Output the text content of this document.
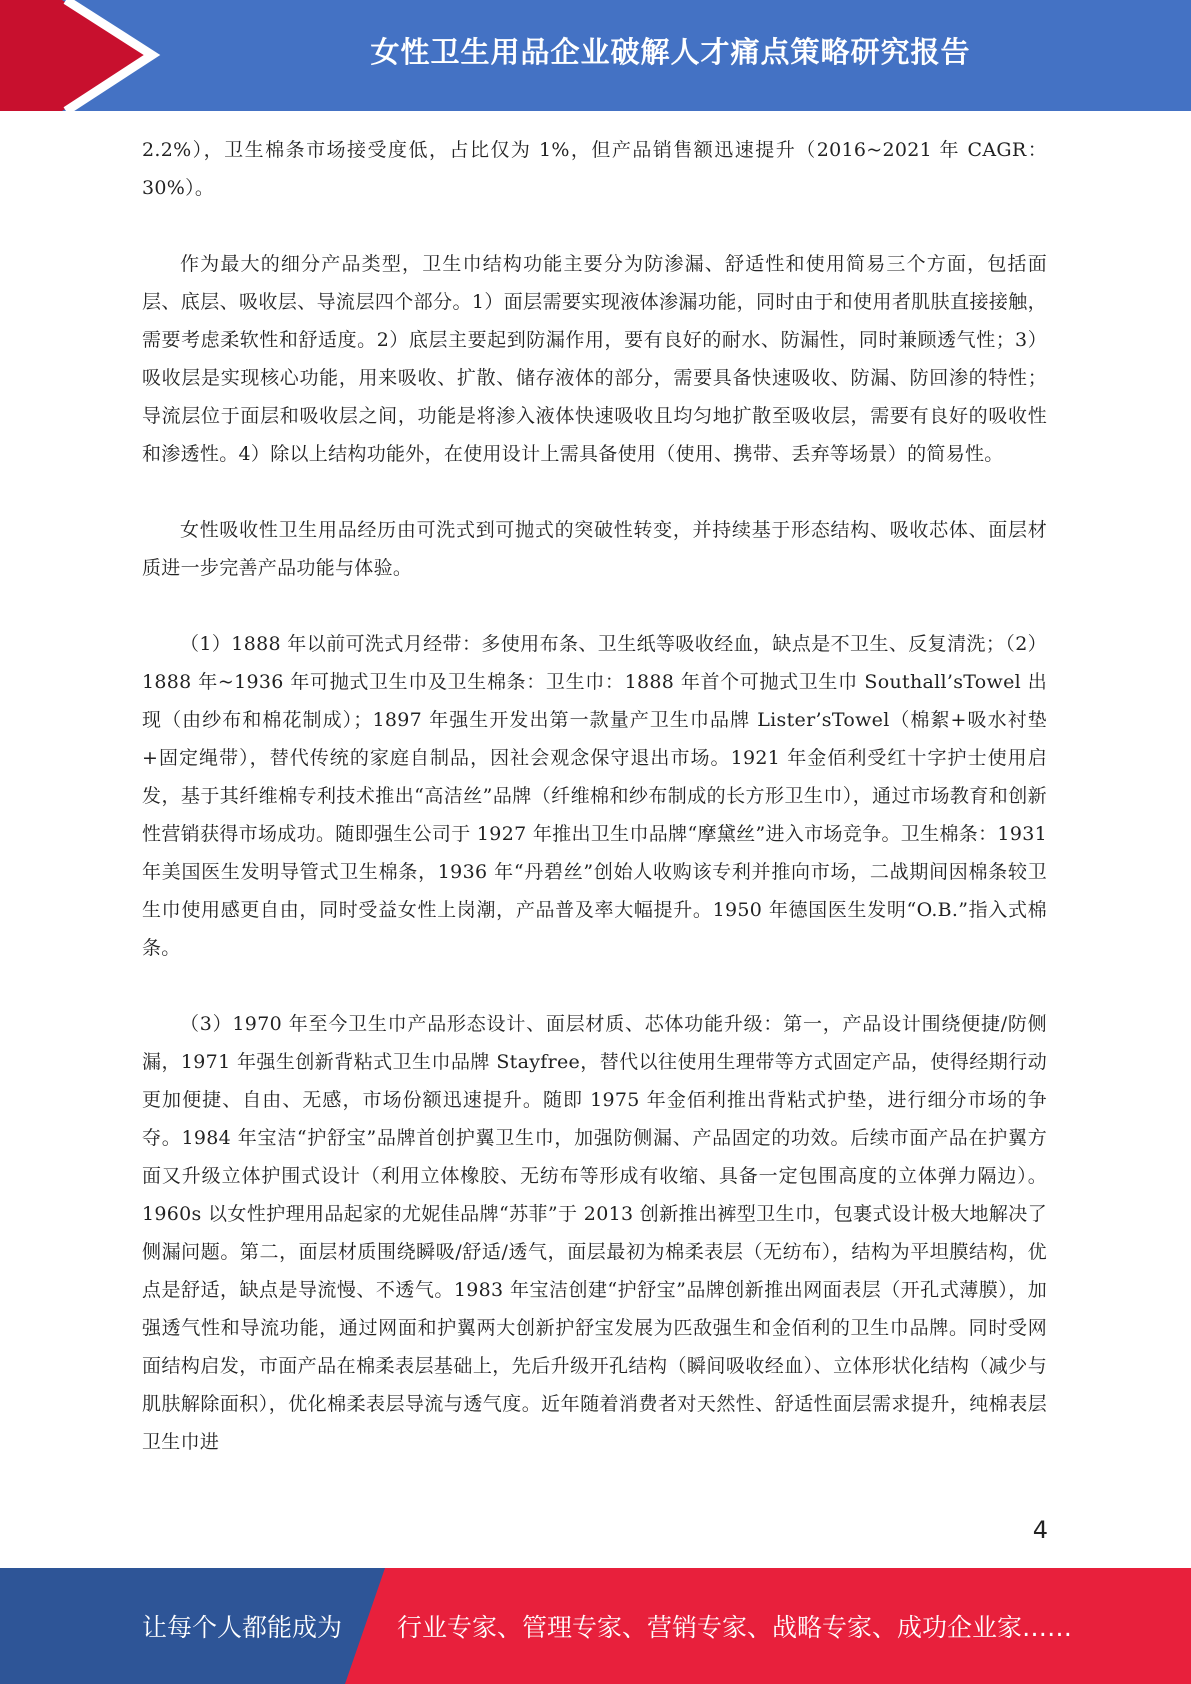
女性卫生用品企业破解人才痛点策略研究报告

2.2%），卫生棉条市场接受度低，占比仅为 1%，但产品销售额迅速提升（2016~2021 年 CAGR：30%）。

作为最大的细分产品类型，卫生巾结构功能主要分为防渗漏、舒适性和使用简易三个方面，包括面层、底层、吸收层、导流层四个部分。1）面层需要实现液体渗漏功能，同时由于和使用者肌肤直接接触，需要考虑柔软性和舒适度。2）底层主要起到防漏作用，要有良好的耐水、防漏性，同时兼顾透气性；3）吸收层是实现核心功能，用来吸收、扩散、储存液体的部分，需要具备快速吸收、防漏、防回渗的特性；导流层位于面层和吸收层之间，功能是将渗入液体快速吸收且均匀地扩散至吸收层，需要有良好的吸收性和渗透性。4）除以上结构功能外，在使用设计上需具备使用（使用、携带、丢弃等场景）的简易性。

女性吸收性卫生用品经历由可洗式到可抛式的突破性转变，并持续基于形态结构、吸收芯体、面层材质进一步完善产品功能与体验。

（1）1888 年以前可洗式月经带：多使用布条、卫生纸等吸收经血，缺点是不卫生、反复清洗；（2）1888 年~1936 年可抛式卫生巾及卫生棉条：卫生巾：1888 年首个可抛式卫生巾 Southall’sTowel 出现（由纱布和棉花制成）；1897 年强生开发出第一款量产卫生巾品牌 Lister’sTowel（棉絮+吸水衬垫+固定绳带），替代传统的家庭自制品，因社会观念保守退出市场。1921 年金佰利受红十字护士使用启发，基于其纤维棉专利技术推出“高洁丝”品牌（纤维棉和纱布制成的长方形卫生巾），通过市场教育和创新性营销获得市场成功。随即强生公司于 1927 年推出卫生巾品牌“摩黛丝”进入市场竞争。卫生棉条：1931 年美国医生发明导管式卫生棉条，1936 年“丹碧丝”创始人收购该专利并推向市场，二战期间因棉条较卫生巾使用感更自由，同时受益女性上岗潮，产品普及率大幅提升。1950 年德国医生发明“O.B.”指入式棉条。

（3）1970 年至今卫生巾产品形态设计、面层材质、芯体功能升级：第一，产品设计围绕便捷/防侧漏，1971 年强生创新背粘式卫生巾品牌 Stayfree，替代以往使用生理带等方式固定产品，使得经期行动更加便捷、自由、无感，市场份额迅速提升。随即 1975 年金佰利推出背粘式护垫，进行细分市场的争夺。1984 年宝洁“护舒宝”品牌首创护翼卫生巾，加强防侧漏、产品固定的功效。后续市面产品在护翼方面又升级立体护围式设计（利用立体橡胶、无纺布等形成有收缩、具备一定包围高度的立体弹力隔边）。1960s 以女性护理用品起家的尤妮佳品牌“苏菲”于 2013 创新推出裤型卫生巾，包裹式设计极大地解决了侧漏问题。第二，面层材质围绕瞬吸/舒适/透气，面层最初为棉柔表层（无纺布），结构为平坦膜结构，优点是舒适，缺点是导流慢、不透气。1983 年宝洁创建“护舒宝”品牌创新推出网面表层（开孔式薄膜），加强透气性和导流功能，通过网面和护翼两大创新护舒宝发展为匹敌强生和金佰利的卫生巾品牌。同时受网面结构启发，市面产品在棉柔表层基础上，先后升级开孔结构（瞬间吸收经血）、立体形状化结构（减少与肌肤解除面积），优化棉柔表层导流与透气度。近年随着消费者对天然性、舒适性面层需求提升，纯棉表层卫生巾进

4
让每个人都能成为 行业专家、管理专家、营销专家、战略专家、成功企业家……
